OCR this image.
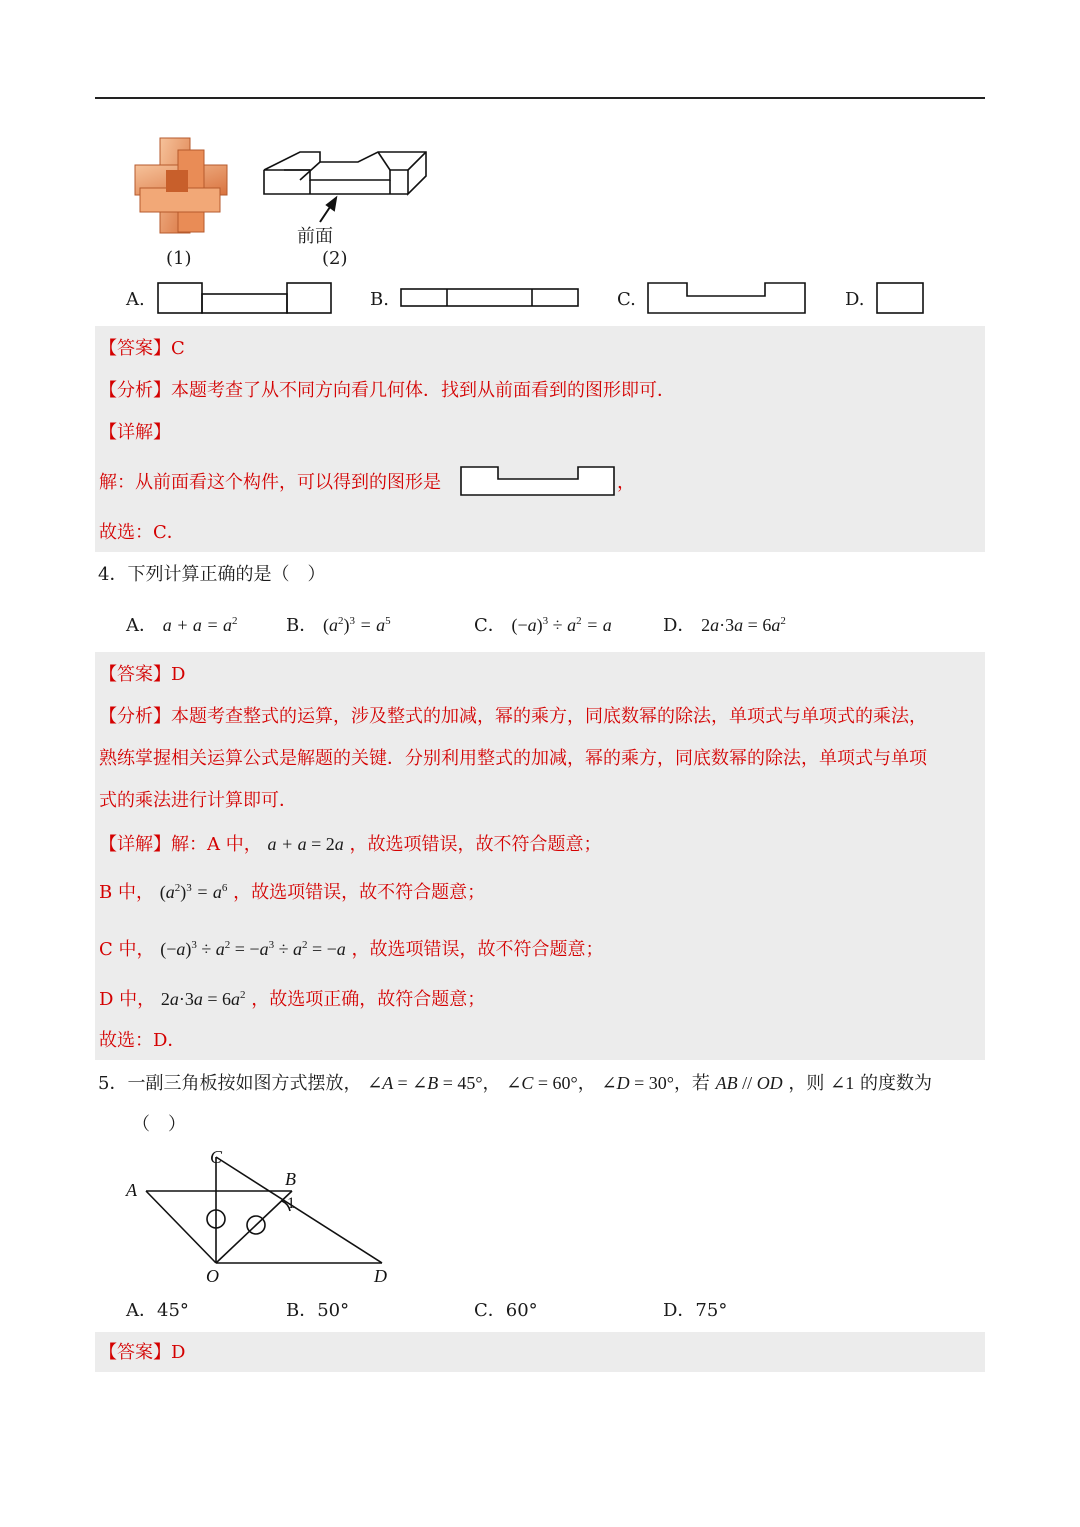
前面
(1)	(2)
A.	B.	C.	D.
【答案】C
【分析】本题考查了从不同方向看几何体．找到从前面看到的图形即可．
【详解】
解：从前面看这个构件，可以得到的图形是	，
故选：C．
4．下列计算正确的是（　）
A． $a + a = a^2$	B． $(a^2)^3 = a^5$	C． $(-a)^3 \div a^2 = a$	D． $2a\cdot 3a = 6a^2$
【答案】D
【分析】本题考查整式的运算，涉及整式的加减，幂的乘方，同底数幂的除法，单项式与单项式的乘法，
熟练掌握相关运算公式是解题的关键．分别利用整式的加减，幂的乘方，同底数幂的除法，单项式与单项
式的乘法进行计算即可．
【详解】解：A 中， a + a = 2a ，故选项错误，故不符合题意；
B 中， $(a^2)^3 = a^6$ ，故选项错误，故不符合题意；
C 中， $(-a)^3 \div a^2 = -a^3 \div a^2 = -a$ ，故选项错误，故不符合题意；
D 中， $2a\cdot 3a = 6a^2$ ，故选项正确，故符合题意；
故选：D．
5．一副三角板按如图方式摆放， ∠A = ∠B = 45°， ∠C = 60°， ∠D = 30°，若 AB // OD ，则 ∠1 的度数为
（　）
A
C
B
O	D
1
A．45°	B．50°	C．60°	D．75°
【答案】D
